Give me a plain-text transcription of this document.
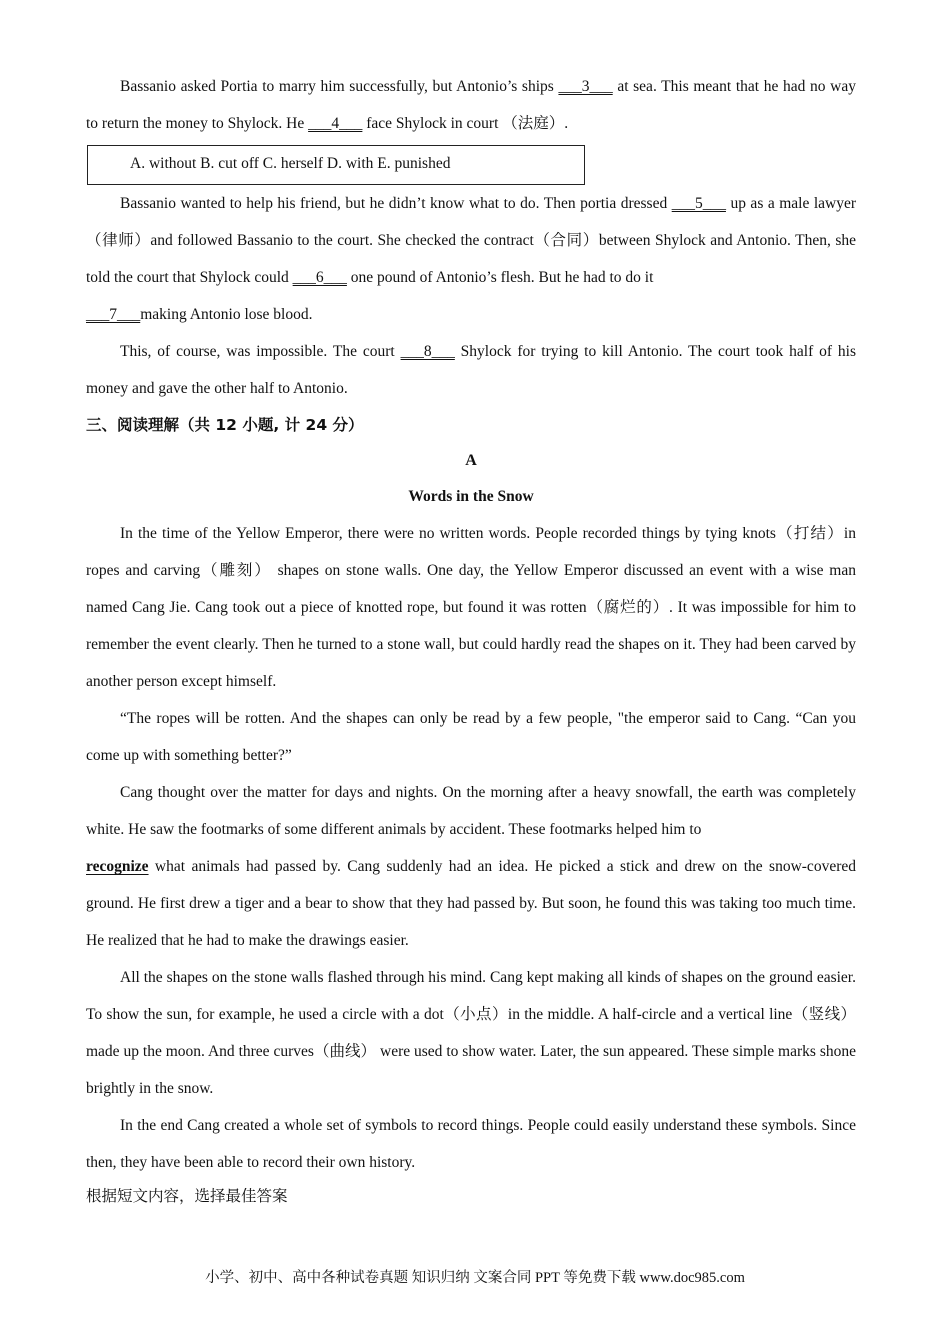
Bassanio asked Portia to marry him successfully, but Antonio’s ships ___3___ at sea. This meant that he had no way to return the money to Shylock. He ___4___ face Shylock in court （法庭）.

A. without B. cut off C. herself D. with E. punished

Bassanio wanted to help his friend, but he didn’t know what to do. Then portia dressed ___5___ up as a male lawyer （律师）and followed Bassanio to the court. She checked the contract（合同）between Shylock and Antonio. Then, she told the court that Shylock could ___6___ one pound of Antonio’s flesh. But he had to do it
___7___making Antonio lose blood.

This, of course, was impossible. The court ___8___ Shylock for trying to kill Antonio. The court took half of his money and gave the other half to Antonio.

三、阅读理解（共 12 小题, 计 24 分）

A

Words in the Snow

In the time of the Yellow Emperor, there were no written words. People recorded things by tying knots（打结）in ropes and carving（雕刻） shapes on stone walls. One day, the Yellow Emperor discussed an event with a wise man named Cang Jie. Cang took out a piece of knotted rope, but found it was rotten（腐烂的）. It was impossible for him to remember the event clearly. Then he turned to a stone wall, but could hardly read the shapes on it. They had been carved by another person except himself.

“The ropes will be rotten. And the shapes can only be read by a few people, "the emperor said to Cang. “Can you come up with something better?”

Cang thought over the matter for days and nights. On the morning after a heavy snowfall, the earth was completely white. He saw the footmarks of some different animals by accident. These footmarks helped him to
recognize what animals had passed by. Cang suddenly had an idea. He picked a stick and drew on the snow-covered ground. He first drew a tiger and a bear to show that they had passed by. But soon, he found this was taking too much time. He realized that he had to make the drawings easier.

All the shapes on the stone walls flashed through his mind. Cang kept making all kinds of shapes on the ground easier. To show the sun, for example, he used a circle with a dot（小点）in the middle. A half-circle and a vertical line（竖线）made up the moon. And three curves（曲线） were used to show water. Later, the sun appeared. These simple marks shone brightly in the snow.

In the end Cang created a whole set of symbols to record things. People could easily understand these symbols. Since then, they have been able to record their own history.

根据短文内容，选择最佳答案

小学、初中、高中各种试卷真题 知识归纳 文案合同 PPT 等免费下载 www.doc985.com
